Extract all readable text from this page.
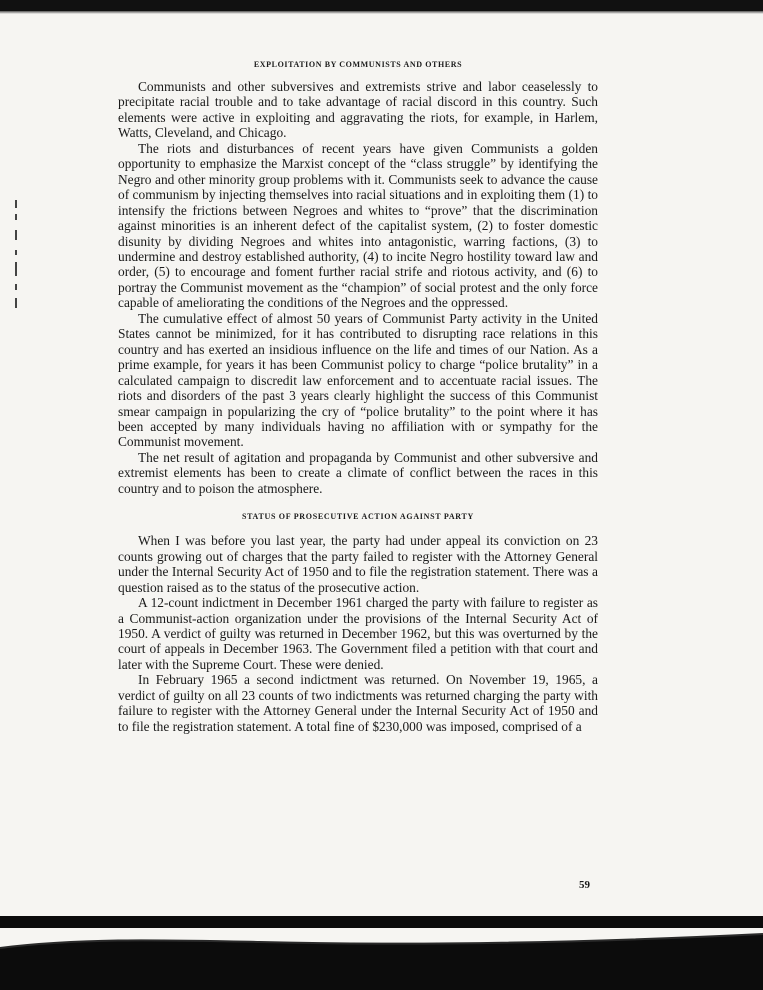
EXPLOITATION BY COMMUNISTS AND OTHERS

Communists and other subversives and extremists strive and labor ceaselessly to precipitate racial trouble and to take advantage of racial discord in this country. Such elements were active in exploiting and aggravating the riots, for example, in Harlem, Watts, Cleveland, and Chicago.

The riots and disturbances of recent years have given Communists a golden opportunity to emphasize the Marxist concept of the “class struggle” by identifying the Negro and other minority group problems with it. Communists seek to advance the cause of communism by injecting themselves into racial situations and in exploiting them (1) to intensify the frictions between Negroes and whites to “prove” that the discrimination against minorities is an inherent defect of the capitalist system, (2) to foster domestic disunity by dividing Negroes and whites into antagonistic, warring factions, (3) to undermine and destroy established authority, (4) to incite Negro hostility toward law and order, (5) to encourage and foment further racial strife and riotous activity, and (6) to portray the Communist movement as the “champion” of social protest and the only force capable of ameliorating the conditions of the Negroes and the oppressed.

The cumulative effect of almost 50 years of Communist Party activity in the United States cannot be minimized, for it has contributed to disrupting race relations in this country and has exerted an insidious influence on the life and times of our Nation. As a prime example, for years it has been Communist policy to charge “police brutality” in a calculated campaign to discredit law enforcement and to accentuate racial issues. The riots and disorders of the past 3 years clearly highlight the success of this Communist smear campaign in popularizing the cry of “police brutality” to the point where it has been accepted by many individuals having no affiliation with or sympathy for the Communist movement.

The net result of agitation and propaganda by Communist and other subversive and extremist elements has been to create a climate of conflict between the races in this country and to poison the atmosphere.

STATUS OF PROSECUTIVE ACTION AGAINST PARTY

When I was before you last year, the party had under appeal its conviction on 23 counts growing out of charges that the party failed to register with the Attorney General under the Internal Security Act of 1950 and to file the registration statement. There was a question raised as to the status of the prosecutive action.

A 12-count indictment in December 1961 charged the party with failure to register as a Communist-action organization under the provisions of the Internal Security Act of 1950. A verdict of guilty was returned in December 1962, but this was overturned by the court of appeals in December 1963. The Government filed a petition with that court and later with the Supreme Court. These were denied.

In February 1965 a second indictment was returned. On November 19, 1965, a verdict of guilty on all 23 counts of two indictments was returned charging the party with failure to register with the Attorney General under the Internal Security Act of 1950 and to file the registration statement. A total fine of $230,000 was imposed, comprised of a

59
